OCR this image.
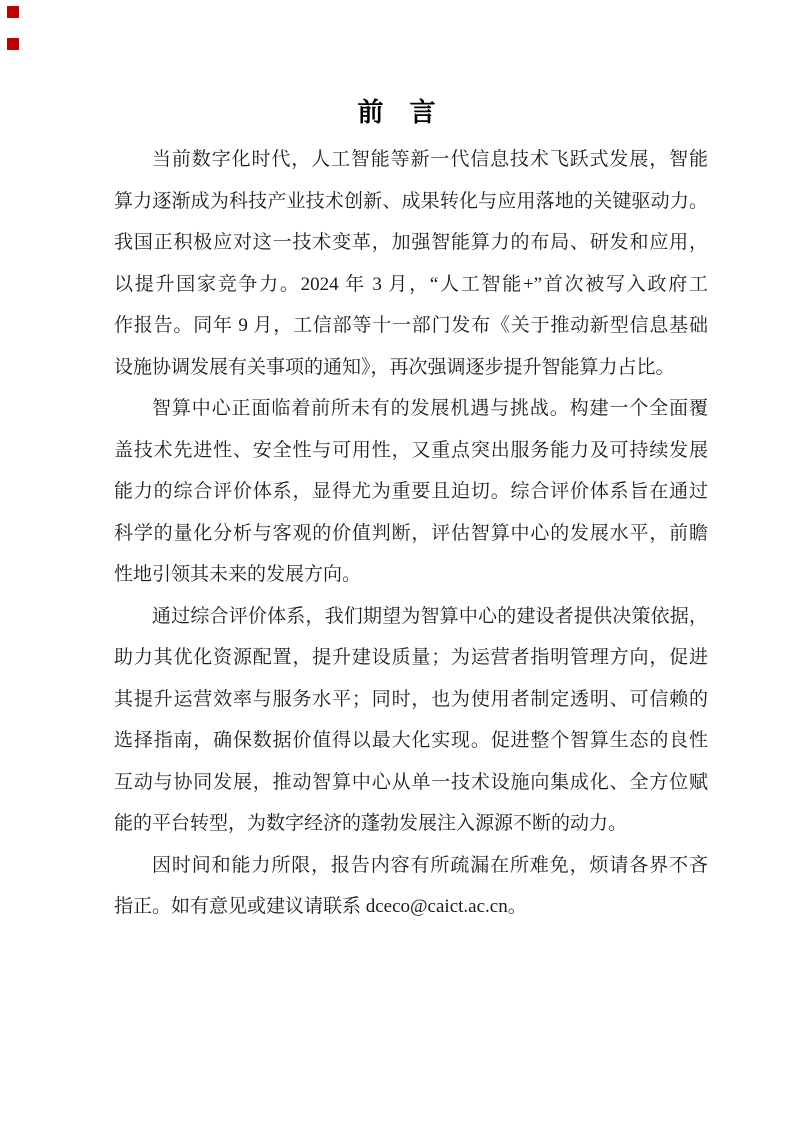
前　言
当前数字化时代，人工智能等新一代信息技术飞跃式发展，智能
算力逐渐成为科技产业技术创新、成果转化与应用落地的关键驱动力。
我国正积极应对这一技术变革，加强智能算力的布局、研发和应用，
以提升国家竞争力。2024 年 3 月，“人工智能+”首次被写入政府工
作报告。同年 9 月，工信部等十一部门发布《关于推动新型信息基础
设施协调发展有关事项的通知》，再次强调逐步提升智能算力占比。
智算中心正面临着前所未有的发展机遇与挑战。构建一个全面覆
盖技术先进性、安全性与可用性，又重点突出服务能力及可持续发展
能力的综合评价体系，显得尤为重要且迫切。综合评价体系旨在通过
科学的量化分析与客观的价值判断，评估智算中心的发展水平，前瞻
性地引领其未来的发展方向。
通过综合评价体系，我们期望为智算中心的建设者提供决策依据，
助力其优化资源配置，提升建设质量；为运营者指明管理方向，促进
其提升运营效率与服务水平；同时，也为使用者制定透明、可信赖的
选择指南，确保数据价值得以最大化实现。促进整个智算生态的良性
互动与协同发展，推动智算中心从单一技术设施向集成化、全方位赋
能的平台转型，为数字经济的蓬勃发展注入源源不断的动力。
因时间和能力所限，报告内容有所疏漏在所难免，烦请各界不吝
指正。如有意见或建议请联系 dceco@caict.ac.cn。
